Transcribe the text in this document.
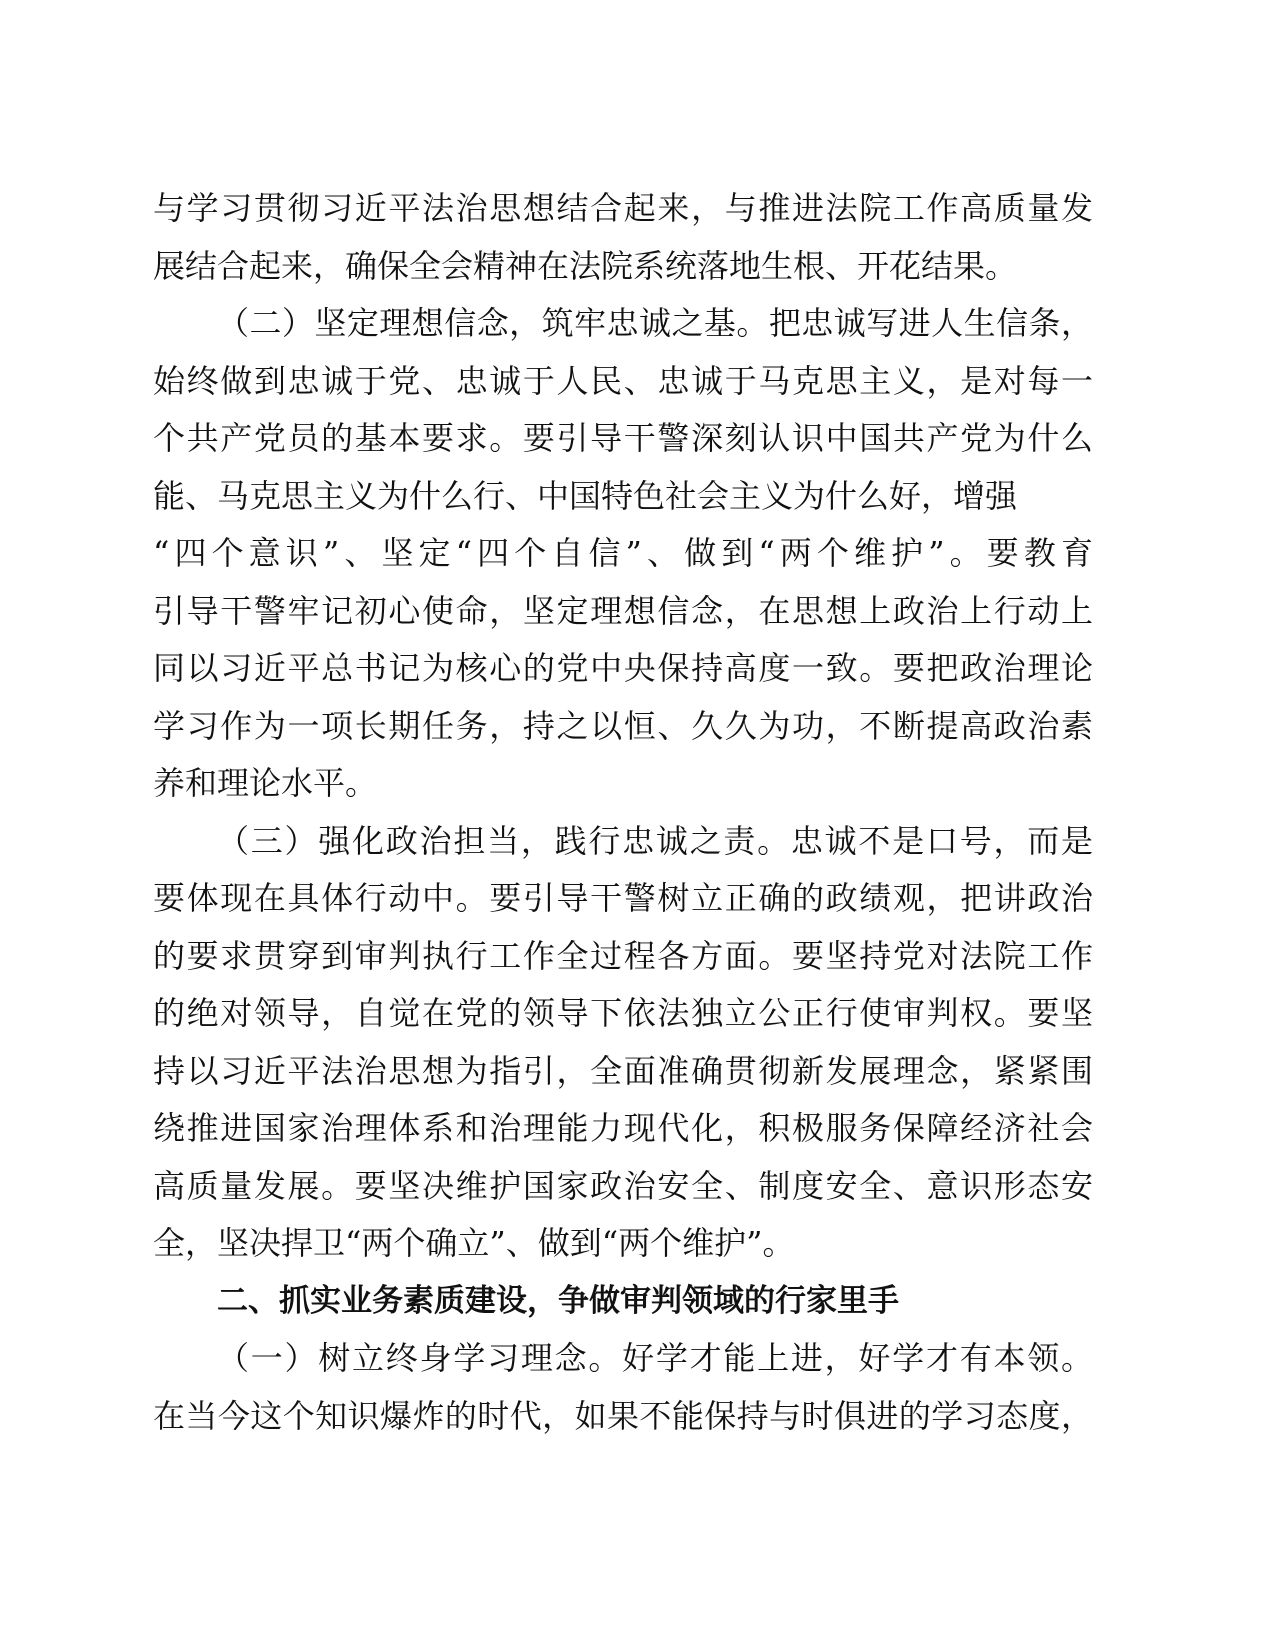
与学习贯彻习近平法治思想结合起来，与推进法院工作高质量发
展结合起来，确保全会精神在法院系统落地生根、开花结果。
（二）坚定理想信念，筑牢忠诚之基。把忠诚写进人生信条，
始终做到忠诚于党、忠诚于人民、忠诚于马克思主义，是对每一
个共产党员的基本要求。要引导干警深刻认识中国共产党为什么
能、马克思主义为什么行、中国特色社会主义为什么好，增强
“四个意识”、坚定“四个自信”、做到“两个维护”。要教育
引导干警牢记初心使命，坚定理想信念，在思想上政治上行动上
同以习近平总书记为核心的党中央保持高度一致。要把政治理论
学习作为一项长期任务，持之以恒、久久为功，不断提高政治素
养和理论水平。
（三）强化政治担当，践行忠诚之责。忠诚不是口号，而是
要体现在具体行动中。要引导干警树立正确的政绩观，把讲政治
的要求贯穿到审判执行工作全过程各方面。要坚持党对法院工作
的绝对领导，自觉在党的领导下依法独立公正行使审判权。要坚
持以习近平法治思想为指引，全面准确贯彻新发展理念，紧紧围
绕推进国家治理体系和治理能力现代化，积极服务保障经济社会
高质量发展。要坚决维护国家政治安全、制度安全、意识形态安
全，坚决捍卫“两个确立”、做到“两个维护”。
二、抓实业务素质建设，争做审判领域的行家里手
（一）树立终身学习理念。好学才能上进，好学才有本领。
在当今这个知识爆炸的时代，如果不能保持与时俱进的学习态度，
